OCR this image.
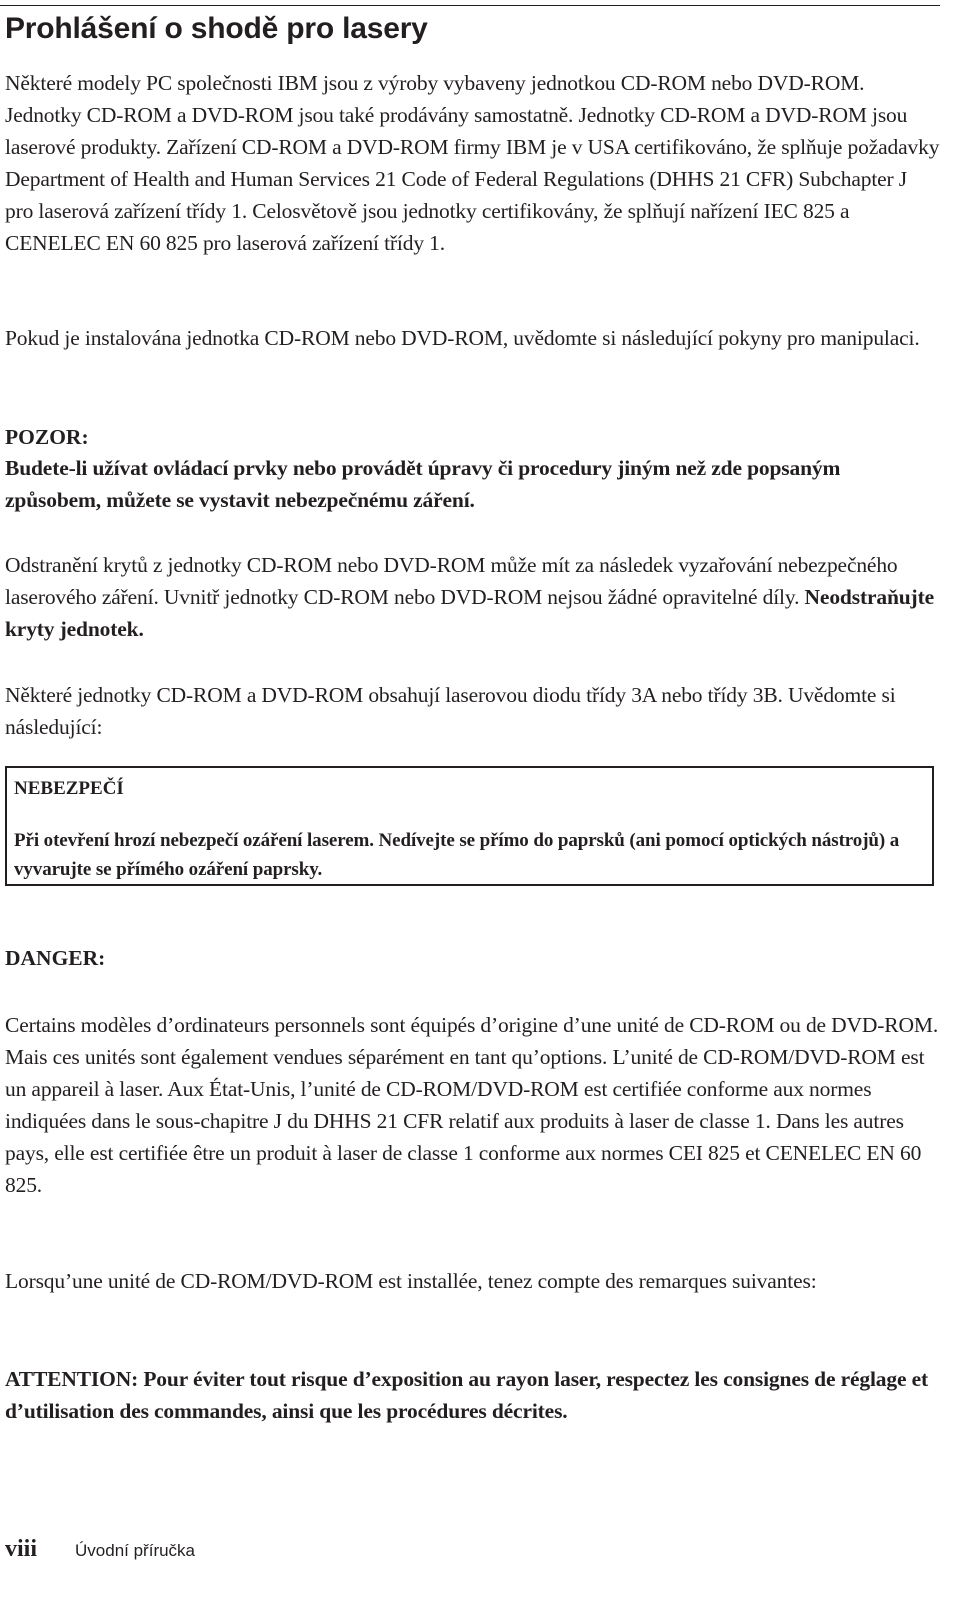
Prohlášení o shodě pro lasery

Některé modely PC společnosti IBM jsou z výroby vybaveny jednotkou CD-ROM nebo DVD-ROM. Jednotky CD-ROM a DVD-ROM jsou také prodávány samostatně. Jednotky CD-ROM a DVD-ROM jsou laserové produkty. Zařízení CD-ROM a DVD-ROM firmy IBM je v USA certifikováno, že splňuje požadavky Department of Health and Human Services 21 Code of Federal Regulations (DHHS 21 CFR) Subchapter J pro laserová zařízení třídy 1. Celosvětově jsou jednotky certifikovány, že splňují nařízení IEC 825 a CENELEC EN 60 825 pro laserová zařízení třídy 1.

Pokud je instalována jednotka CD-ROM nebo DVD-ROM, uvědomte si následující pokyny pro manipulaci.

POZOR:

Budete-li užívat ovládací prvky nebo provádět úpravy či procedury jiným než zde popsaným způsobem, můžete se vystavit nebezpečnému záření.

Odstranění krytů z jednotky CD-ROM nebo DVD-ROM může mít za následek vyzařování nebezpečného laserového záření. Uvnitř jednotky CD-ROM nebo DVD-ROM nejsou žádné opravitelné díly. Neodstraňujte kryty jednotek.

Některé jednotky CD-ROM a DVD-ROM obsahují laserovou diodu třídy 3A nebo třídy 3B. Uvědomte si následující:

NEBEZPEČÍ

Při otevření hrozí nebezpečí ozáření laserem. Nedívejte se přímo do paprsků (ani pomocí optických nástrojů) a vyvarujte se přímého ozáření paprsky.

DANGER:

Certains modèles d’ordinateurs personnels sont équipés d’origine d’une unité de CD-ROM ou de DVD-ROM. Mais ces unités sont également vendues séparément en tant qu’options. L’unité de CD-ROM/DVD-ROM est un appareil à laser. Aux État-Unis, l’unité de CD-ROM/DVD-ROM est certifiée conforme aux normes indiquées dans le sous-chapitre J du DHHS 21 CFR relatif aux produits à laser de classe 1. Dans les autres pays, elle est certifiée être un produit à laser de classe 1 conforme aux normes CEI 825 et CENELEC EN 60 825.

Lorsqu’une unité de CD-ROM/DVD-ROM est installée, tenez compte des remarques suivantes:

ATTENTION: Pour éviter tout risque d’exposition au rayon laser, respectez les consignes de réglage et d’utilisation des commandes, ainsi que les procédures décrites.

viii Úvodní příručka
